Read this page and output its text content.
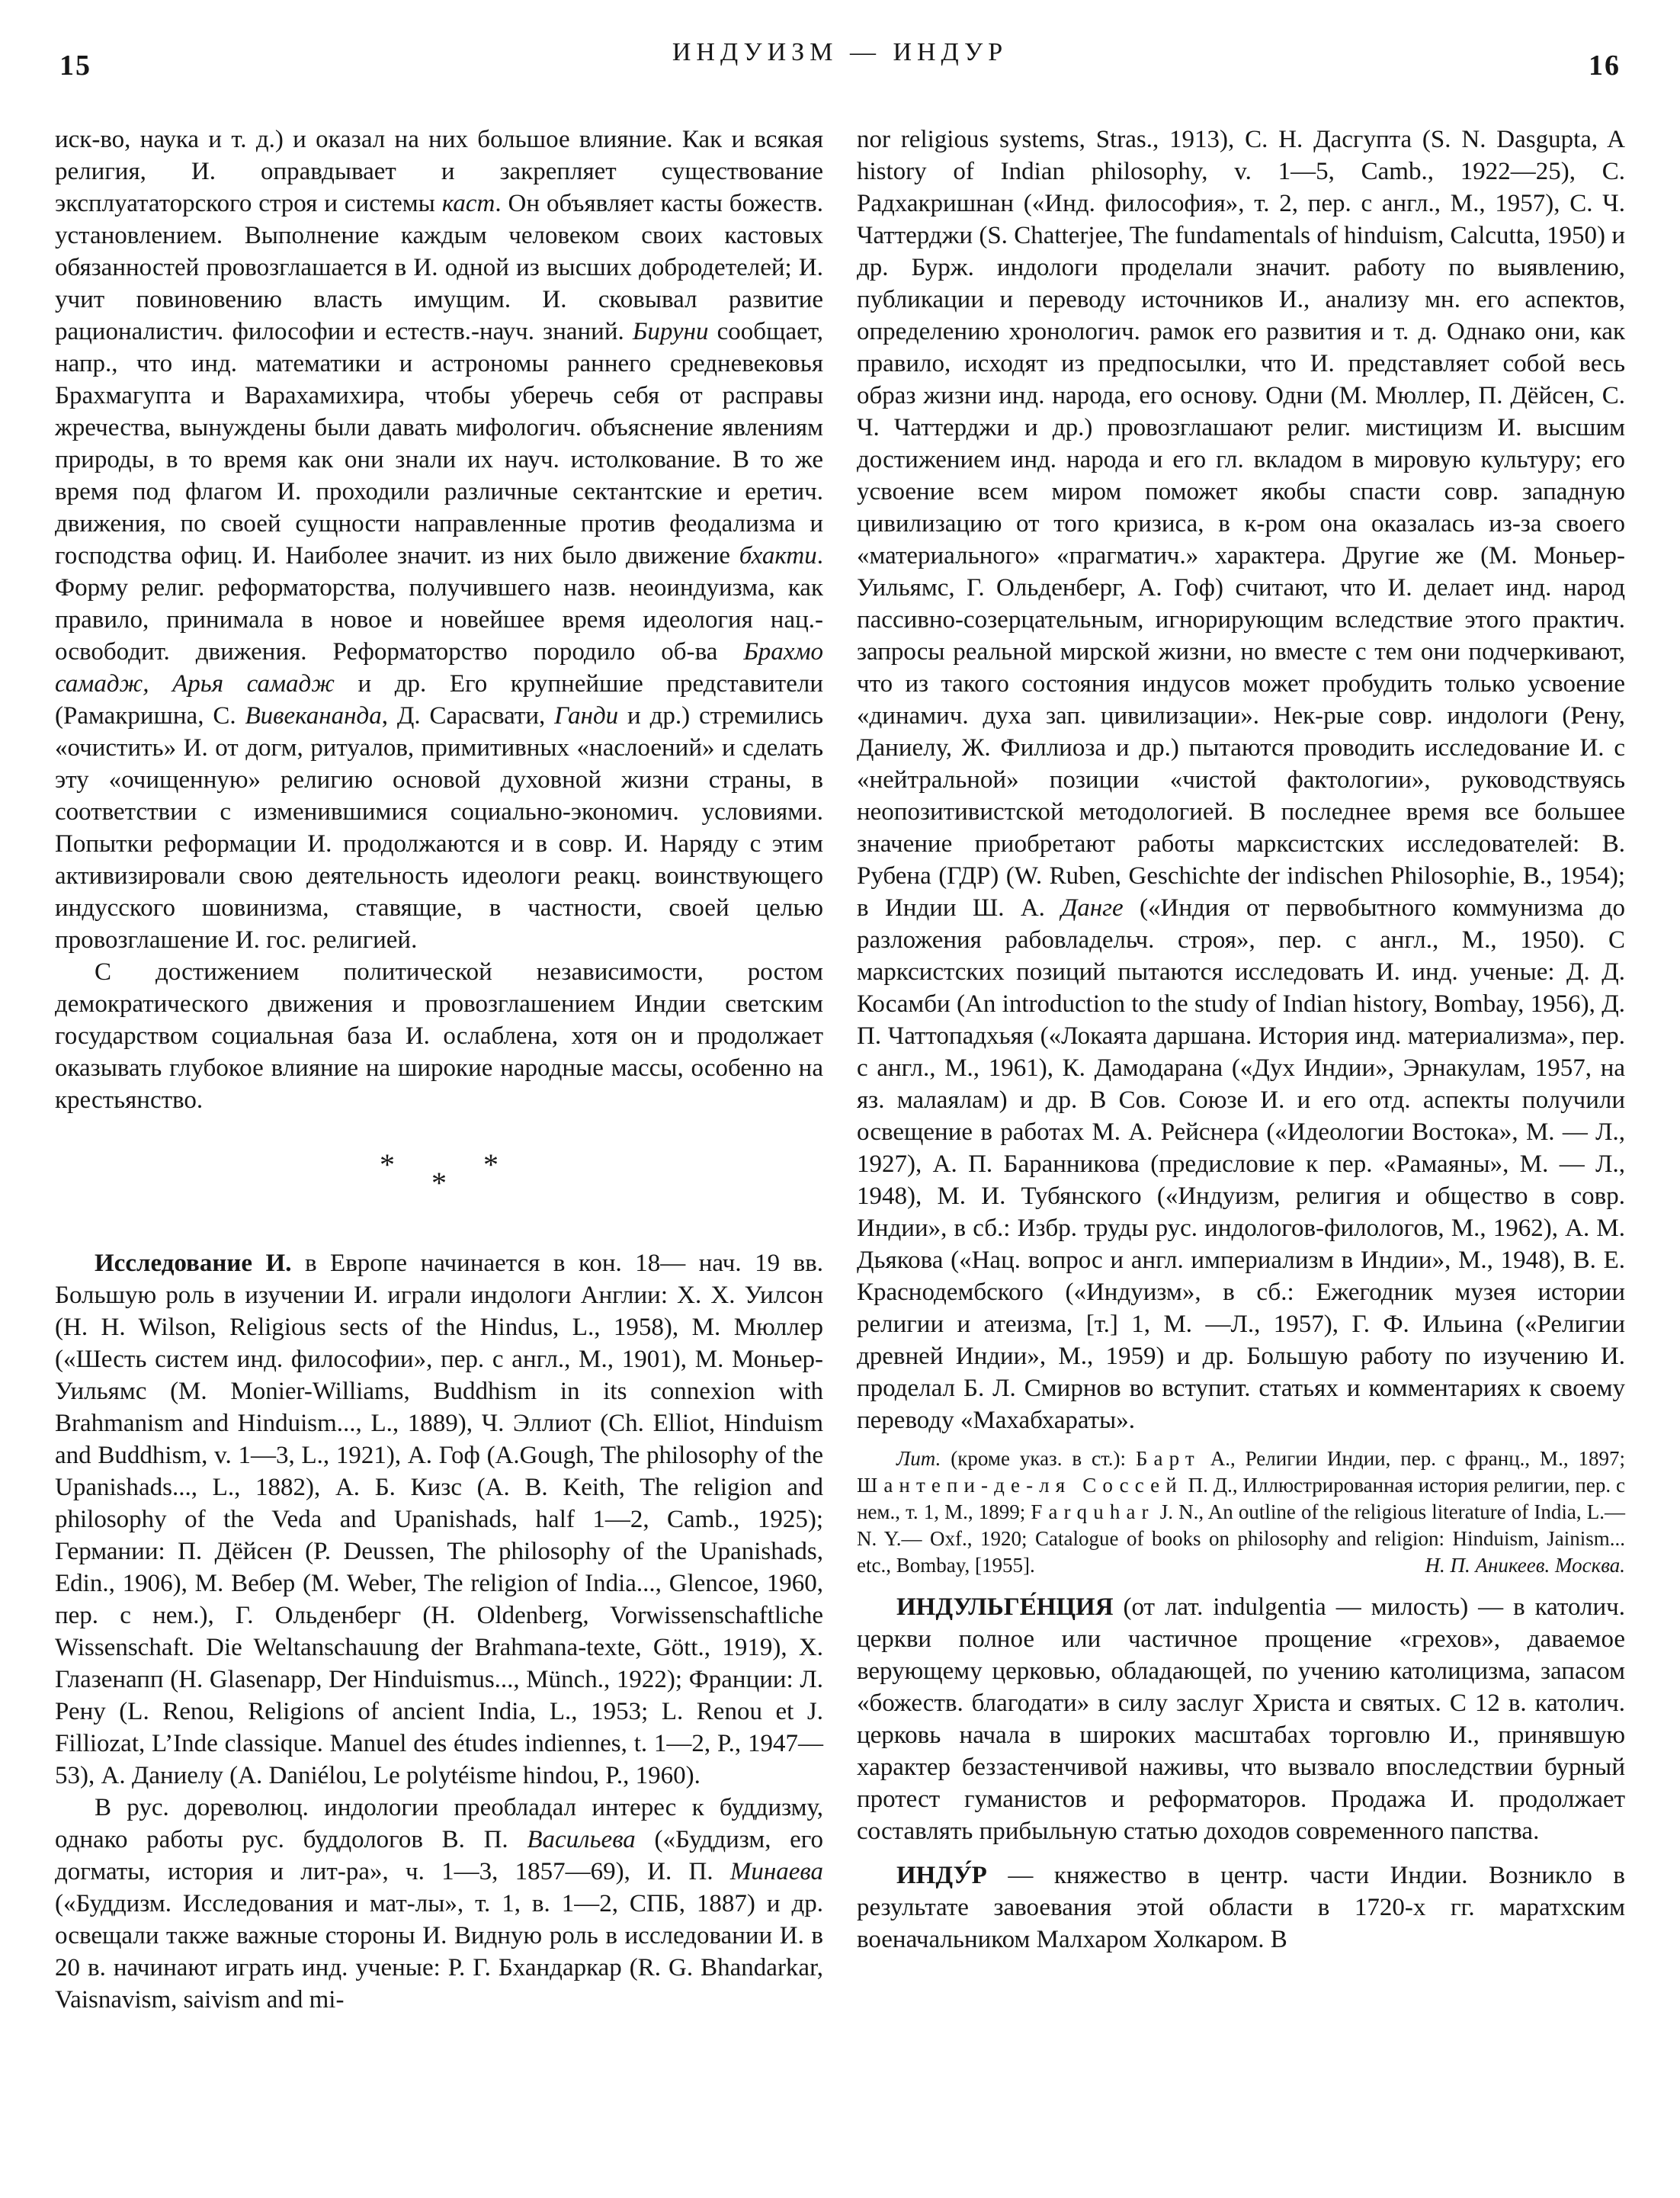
15	ИНДУИЗМ — ИНДУР	16

иск-во, наука и т. д.) и оказал на них большое влияние. Как и всякая религия, И. оправдывает и закрепляет существование эксплуататорского строя и системы каст. Он объявляет касты божеств. установлением. Выполнение каждым человеком своих кастовых обязанностей провозглашается в И. одной из высших добродетелей; И. учит повиновению власть имущим. И. сковывал развитие рационалистич. философии и естеств.-науч. знаний. Бируни сообщает, напр., что инд. математики и астрономы раннего средневековья Брахмагупта и Варахамихира, чтобы уберечь себя от расправы жречества, вынуждены были давать мифологич. объяснение явлениям природы, в то время как они знали их науч. истолкование. В то же время под флагом И. проходили различные сектантские и еретич. движения, по своей сущности направленные против феодализма и господства офиц. И. Наиболее значит. из них было движение бхакти. Форму религ. реформаторства, получившего назв. неоиндуизма, как правило, принимала в новое и новейшее время идеология нац.-освободит. движения. Реформаторство породило об-ва Брахмо самадж, Арья самадж и др. Его крупнейшие представители (Рамакришна, С. Вивекананда, Д. Сарасвати, Ганди и др.) стремились «очистить» И. от догм, ритуалов, примитивных «наслоений» и сделать эту «очищенную» религию основой духовной жизни страны, в соответствии с изменившимися социально-экономич. условиями. Попытки реформации И. продолжаются и в совр. И. Наряду с этим активизировали свою деятельность идеологи реакц. воинствующего индусского шовинизма, ставящие, в частности, своей целью провозглашение И. гос. религией.

С достижением политической независимости, ростом демократического движения и провозглашением Индии светским государством социальная база И. ослаблена, хотя он и продолжает оказывать глубокое влияние на широкие народные массы, особенно на крестьянство.

***

Исследование И. в Европе начинается в кон. 18— нач. 19 вв. Большую роль в изучении И. играли индологи Англии: Х. Х. Уилсон (H. H. Wilson, Religious sects of the Hindus, L., 1958), М. Мюллер («Шесть систем инд. философии», пер. с англ., М., 1901), М. Моньер-Уильямс (M. Monier-Williams, Buddhism in its connexion with Brahmanism and Hinduism..., L., 1889), Ч. Эллиот (Ch. Elliot, Hinduism and Buddhism, v. 1—3, L., 1921), А. Гоф (A.Gough, The philosophy of the Upanishads..., L., 1882), А. Б. Кизс (A. B. Keith, The religion and philosophy of the Veda and Upanishads, half 1—2, Camb., 1925); Германии: П. Дёйсен (P. Deussen, The philosophy of the Upanishads, Edin., 1906), М. Вебер (M. Weber, The religion of India..., Glencoe, 1960, пер. с нем.), Г. Ольденберг (H. Oldenberg, Vorwissenschaftliche Wissenschaft. Die Weltanschauung der Brahmana-texte, Gött., 1919), Х. Глазенапп (H. Glasenapp, Der Hinduismus..., Münch., 1922); Франции: Л. Рену (L. Renou, Religions of ancient India, L., 1953; L. Renou et J. Filliozat, L’Inde classique. Manuel des études indiennes, t. 1—2, P., 1947—53), А. Даниелу (A. Daniélou, Le polytéisme hindou, P., 1960).

В рус. дореволюц. индологии преобладал интерес к буддизму, однако работы рус. буддологов В. П. Васильева («Буддизм, его догматы, история и лит-ра», ч. 1—3, 1857—69), И. П. Минаева («Буддизм. Исследования и мат-лы», т. 1, в. 1—2, СПБ, 1887) и др. освещали также важные стороны И. Видную роль в исследовании И. в 20 в. начинают играть инд. ученые: Р. Г. Бхандаркар (R. G. Bhandarkar, Vaisnavism, saivism and mi-

nor religious systems, Stras., 1913), С. Н. Дасгупта (S. N. Dasgupta, A history of Indian philosophy, v. 1—5, Camb., 1922—25), С. Радхакришнан («Инд. философия», т. 2, пер. с англ., М., 1957), С. Ч. Чаттерджи (S. Chatterjee, The fundamentals of hinduism, Calcutta, 1950) и др. Бурж. индологи проделали значит. работу по выявлению, публикации и переводу источников И., анализу мн. его аспектов, определению хронологич. рамок его развития и т. д. Однако они, как правило, исходят из предпосылки, что И. представляет собой весь образ жизни инд. народа, его основу. Одни (М. Мюллер, П. Дёйсен, С. Ч. Чаттерджи и др.) провозглашают религ. мистицизм И. высшим достижением инд. народа и его гл. вкладом в мировую культуру; его усвоение всем миром поможет якобы спасти совр. западную цивилизацию от того кризиса, в к-ром она оказалась из-за своего «материального» «прагматич.» характера. Другие же (М. Моньер-Уильямс, Г. Ольденберг, А. Гоф) считают, что И. делает инд. народ пассивно-созерцательным, игнорирующим вследствие этого практич. запросы реальной мирской жизни, но вместе с тем они подчеркивают, что из такого состояния индусов может пробудить только усвоение «динамич. духа зап. цивилизации». Нек-рые совр. индологи (Рену, Даниелу, Ж. Филлиоза и др.) пытаются проводить исследование И. с «нейтральной» позиции «чистой фактологии», руководствуясь неопозитивистской методологией. В последнее время все большее значение приобретают работы марксистских исследователей: В. Рубена (ГДР) (W. Ruben, Geschichte der indischen Philosophie, B., 1954); в Индии Ш. А. Данге («Индия от первобытного коммунизма до разложения рабовладельч. строя», пер. с англ., М., 1950). С марксистских позиций пытаются исследовать И. инд. ученые: Д. Д. Косамби (An introduction to the study of Indian history, Bombay, 1956), Д. П. Чаттопадхьяя («Локаята даршана. История инд. материализма», пер. с англ., М., 1961), К. Дамодарана («Дух Индии», Эрнакулам, 1957, на яз. малаялам) и др. В Сов. Союзе И. и его отд. аспекты получили освещение в работах М. А. Рейснера («Идеологии Востока», М. — Л., 1927), А. П. Баранникова (предисловие к пер. «Рамаяны», М. — Л., 1948), М. И. Тубянского («Индуизм, религия и общество в совр. Индии», в сб.: Избр. труды рус. индологов-филологов, М., 1962), А. М. Дьякова («Нац. вопрос и англ. империализм в Индии», М., 1948), В. Е. Краснодембского («Индуизм», в сб.: Ежегодник музея истории религии и атеизма, [т.] 1, М. —Л., 1957), Г. Ф. Ильина («Религии древней Индии», М., 1959) и др. Большую работу по изучению И. проделал Б. Л. Смирнов во вступит. статьях и комментариях к своему переводу «Махабхараты».

Лит. (кроме указ. в ст.): Барт А., Религии Индии, пер. с франц., М., 1897; Шантепи-де-ля Соссей П. Д., Иллюстрированная история религии, пер. с нем., т. 1, М., 1899; Farquhar J. N., An outline of the religious literature of India, L.— N. Y.— Oxf., 1920; Catalogue of books on philosophy and religion: Hinduism, Jainism... etc., Bombay, [1955].	Н. П. Аникеев. Москва.

ИНДУЛЬГЕ́НЦИЯ (от лат. indulgentia — милость) — в католич. церкви полное или частичное прощение «грехов», даваемое верующему церковью, обладающей, по учению католицизма, запасом «божеств. благодати» в силу заслуг Христа и святых. С 12 в. католич. церковь начала в широких масштабах торговлю И., принявшую характер беззастенчивой наживы, что вызвало впоследствии бурный протест гуманистов и реформаторов. Продажа И. продолжает составлять прибыльную статью доходов современного папства.

ИНДУ́Р — княжество в центр. части Индии. Возникло в результате завоевания этой области в 1720-х гг. маратхским военачальником Малхаром Холкаром. В
